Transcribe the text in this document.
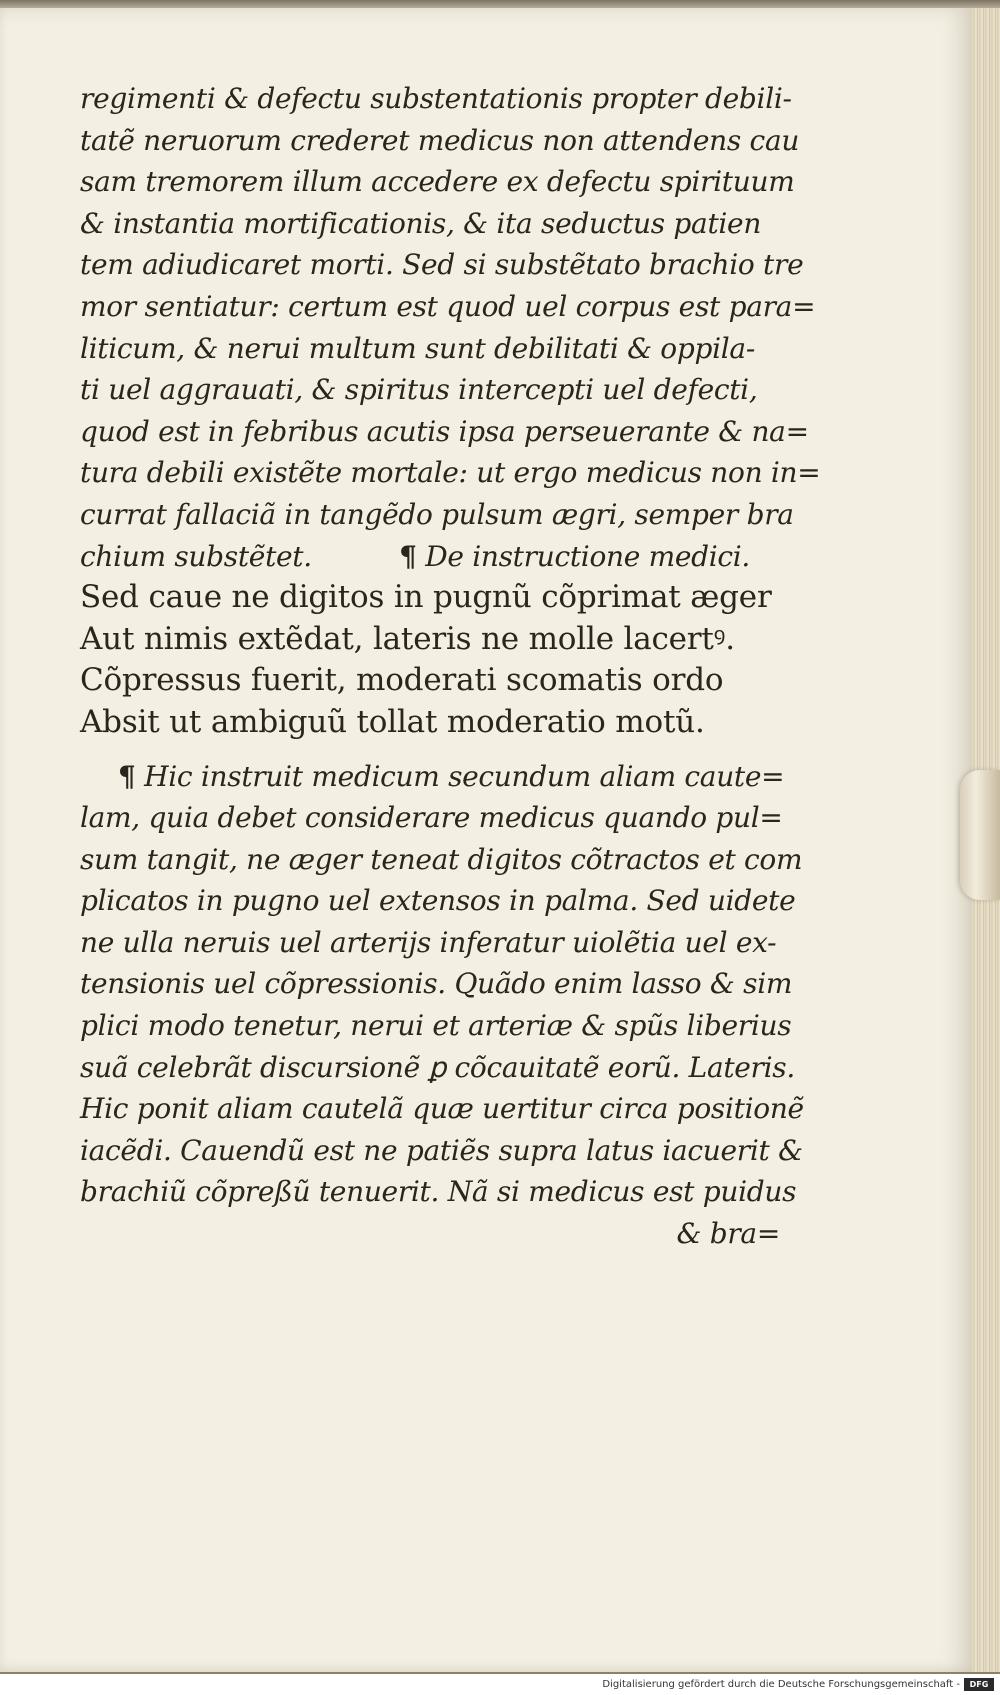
regimenti & defectu substentationis propter debili-
tatẽ neruorum crederet medicus non attendens cau
sam tremorem illum accedere ex defectu spirituum
& instantia mortificationis, & ita seductus patien
tem adiudicaret morti. Sed si substẽtato brachio tre
mor sentiatur: certum est quod uel corpus est para=
liticum, & nerui multum sunt debilitati & oppila-
ti uel aggrauati, & spiritus intercepti uel defecti,
quod est in febribus acutis ipsa perseuerante & na=
tura debili existẽte mortale: ut ergo medicus non in=
currat fallaciã in tangẽdo pulsum ægri, semper bra
chium substẽtet.	¶ De instructione medici.
Sed caue ne digitos in pugnũ cõprimat æger
Aut nimis extẽdat, lateris ne molle lacertꝰ.
Cõpressus fuerit, moderati scomatis ordo
Absit ut ambiguũ tollat moderatio motũ.
¶ Hic instruit medicum secundum aliam caute=
lam, quia debet considerare medicus quando pul=
sum tangit, ne æger teneat digitos cõtractos et com
plicatos in pugno uel extensos in palma. Sed uidete
ne ulla neruis uel arterijs inferatur uiolẽtia uel ex-
tensionis uel cõpressionis. Quãdo enim lasso & sim
plici modo tenetur, nerui et arteriæ & spũs liberius
suã celebrãt discursionẽ ꝑ cõcauitatẽ eorũ. Lateris.
Hic ponit aliam cautelã quæ uertitur circa positionẽ
iacẽdi. Cauendũ est ne patiẽs supra latus iacuerit &
brachiũ cõpreßũ tenuerit. Nã si medicus est puidus
& bra=
Digitalisierung gefördert durch die Deutsche Forschungsgemeinschaft -	DFG
